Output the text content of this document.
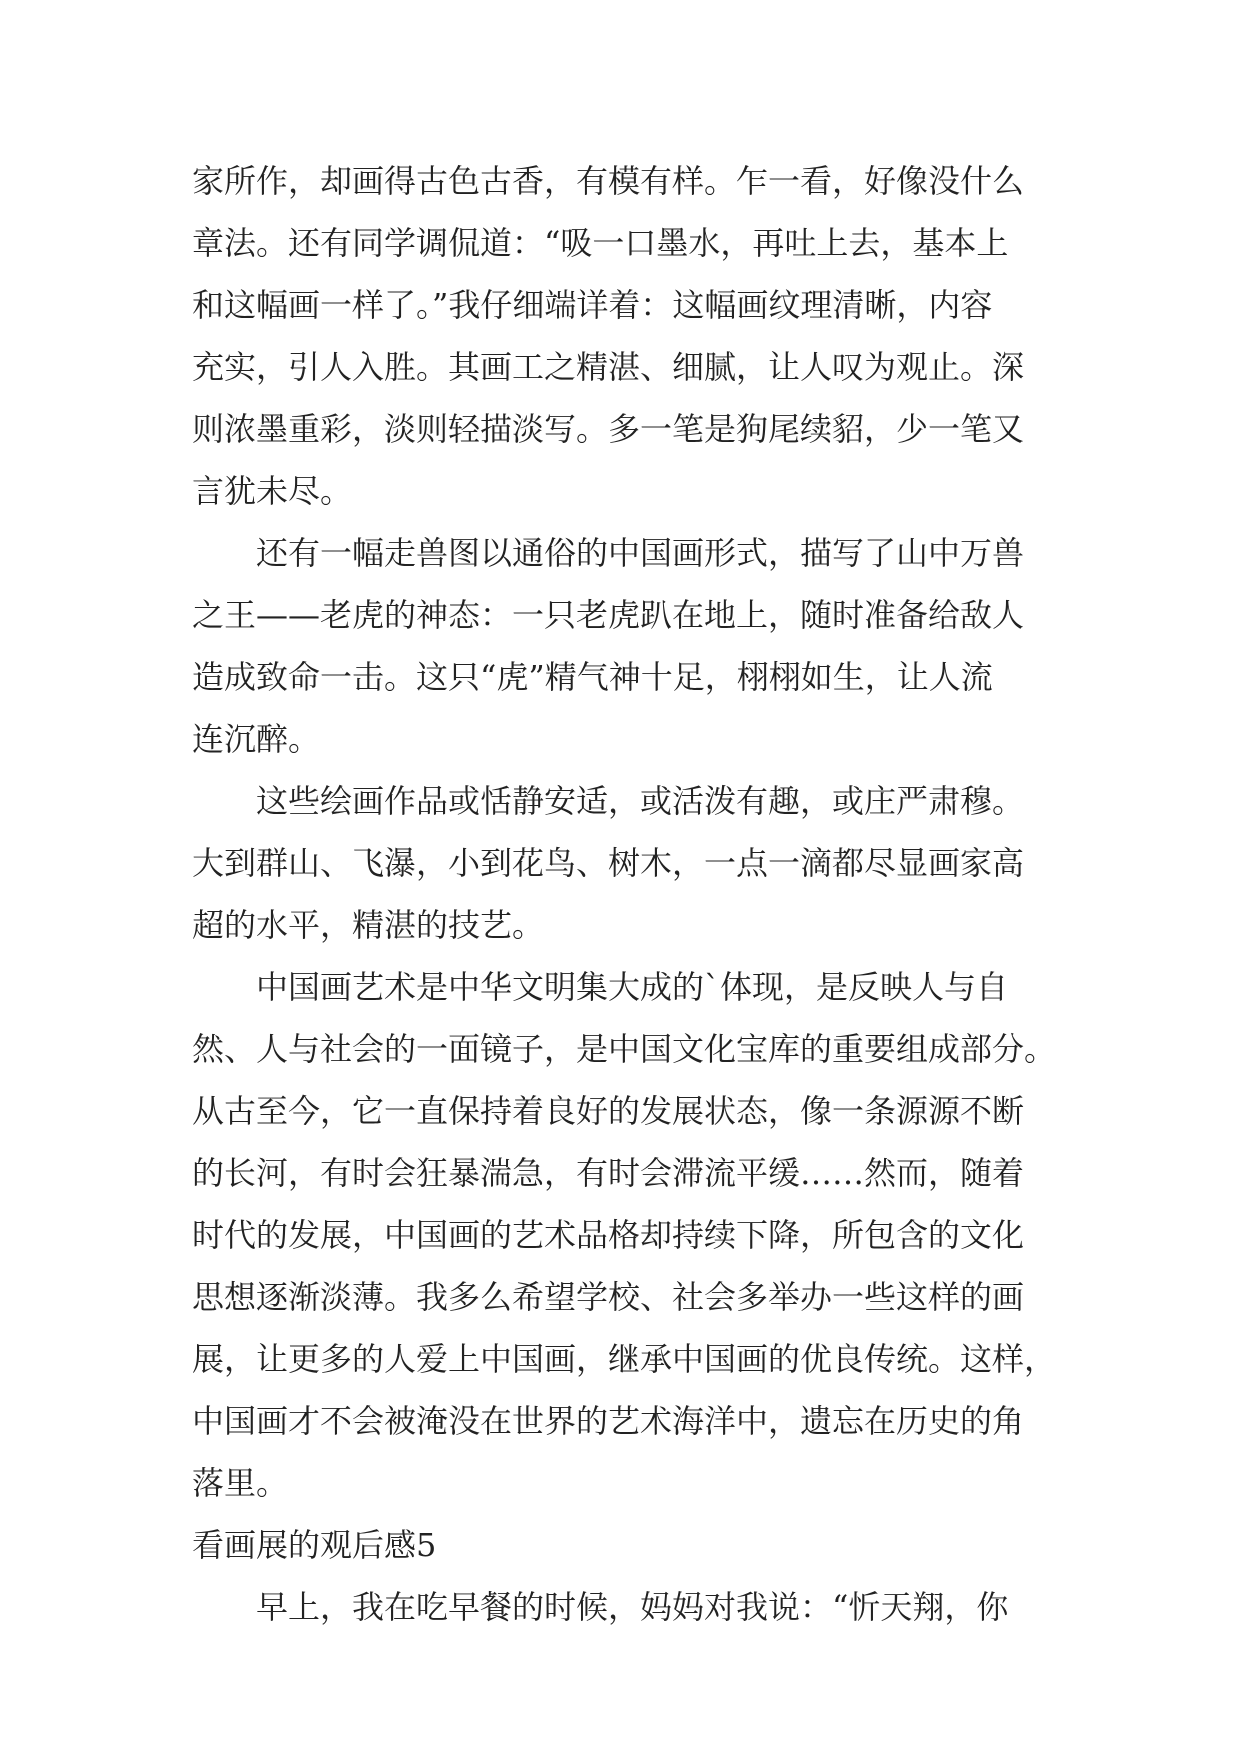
家所作，却画得古色古香，有模有样。乍一看，好像没什么
章法。还有同学调侃道：“吸一口墨水，再吐上去，基本上
和这幅画一样了。”我仔细端详着：这幅画纹理清晰，内容
充实，引人入胜。其画工之精湛、细腻，让人叹为观止。深
则浓墨重彩，淡则轻描淡写。多一笔是狗尾续貂，少一笔又
言犹未尽。
还有一幅走兽图以通俗的中国画形式，描写了山中万兽
之王——老虎的神态：一只老虎趴在地上，随时准备给敌人
造成致命一击。这只“虎”精气神十足，栩栩如生，让人流
连沉醉。
这些绘画作品或恬静安适，或活泼有趣，或庄严肃穆。
大到群山、飞瀑，小到花鸟、树木，一点一滴都尽显画家高
超的水平，精湛的技艺。
中国画艺术是中华文明集大成的`体现，是反映人与自
然、人与社会的一面镜子，是中国文化宝库的重要组成部分。
从古至今，它一直保持着良好的发展状态，像一条源源不断
的长河，有时会狂暴湍急，有时会滞流平缓……然而，随着
时代的发展，中国画的艺术品格却持续下降，所包含的文化
思想逐渐淡薄。我多么希望学校、社会多举办一些这样的画
展，让更多的人爱上中国画，继承中国画的优良传统。这样，
中国画才不会被淹没在世界的艺术海洋中，遗忘在历史的角
落里。
看画展的观后感5
早上，我在吃早餐的时候，妈妈对我说：“忻天翔，你
